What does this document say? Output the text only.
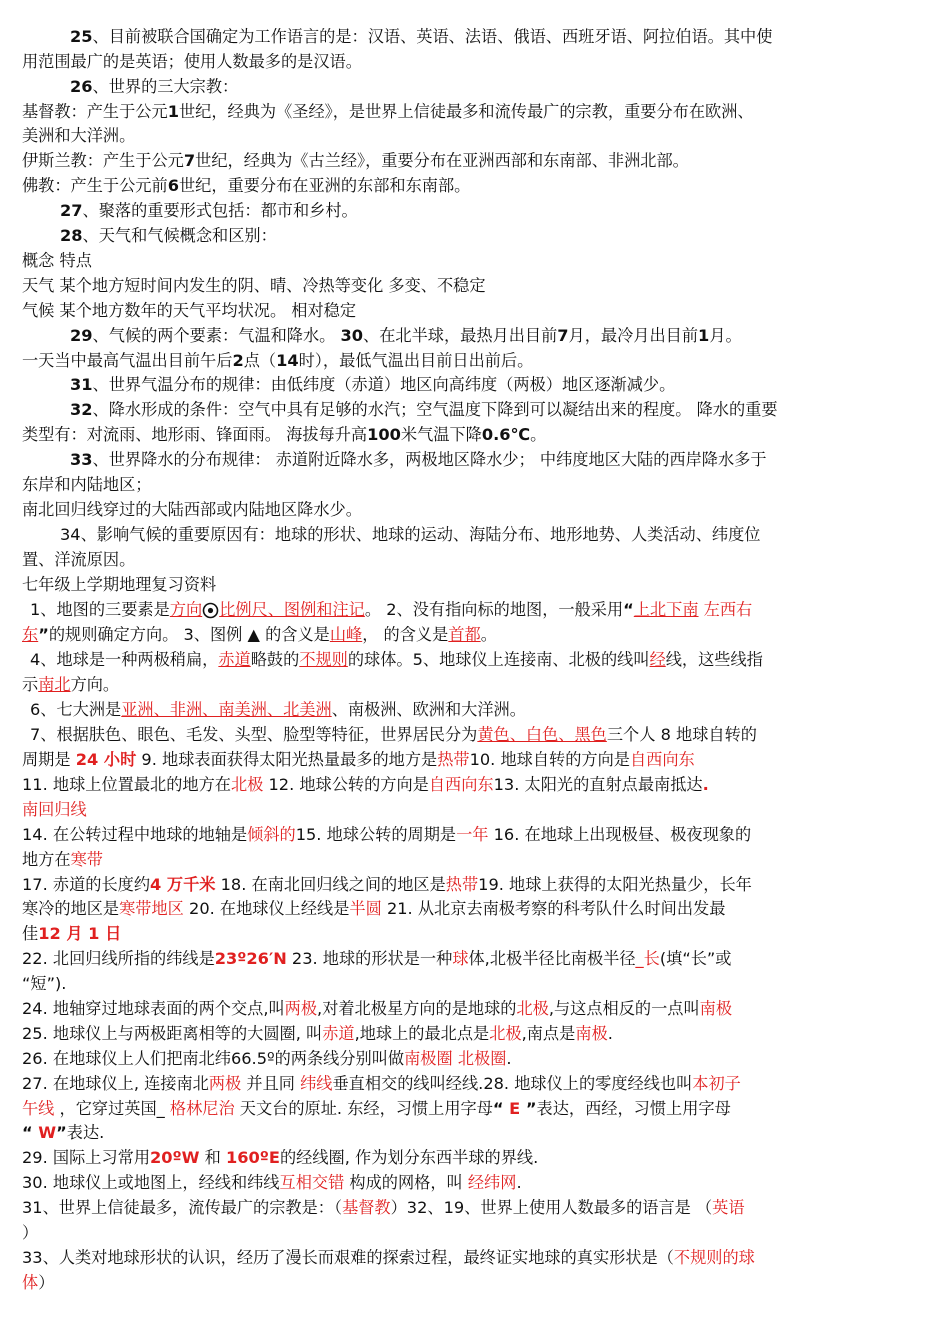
25、目前被联合国确定为工作语言的是：汉语、英语、法语、俄语、西班牙语、阿拉伯语。其中使
用范围最广的是英语；使用人数最多的是汉语。
26、世界的三大宗教：
基督教：产生于公元1世纪，经典为《圣经》，是世界上信徒最多和流传最广的宗教，重要分布在欧洲、
美洲和大洋洲。
伊斯兰教：产生于公元7世纪，经典为《古兰经》，重要分布在亚洲西部和东南部、非洲北部。
佛教：产生于公元前6世纪，重要分布在亚洲的东部和东南部。
27、聚落的重要形式包括：都市和乡村。
28、天气和气候概念和区别：
概念 特点
天气 某个地方短时间内发生的阴、晴、冷热等变化 多变、不稳定
气候 某个地方数年的天气平均状况。 相对稳定
29、气候的两个要素：气温和降水。 30、在北半球，最热月出目前7月，最冷月出目前1月。
一天当中最高气温出目前午后2点（14时），最低气温出目前日出前后。
31、世界气温分布的规律：由低纬度（赤道）地区向高纬度（两极）地区逐渐减少。
32、降水形成的条件：空气中具有足够的水汽；空气温度下降到可以凝结出来的程度。 降水的重要
类型有：对流雨、地形雨、锋面雨。 海拔每升高100米气温下降0.6℃。
33、世界降水的分布规律： 赤道附近降水多，两极地区降水少； 中纬度地区大陆的西岸降水多于
东岸和内陆地区；
南北回归线穿过的大陆西部或内陆地区降水少。
34、影响气候的重要原因有：地球的形状、地球的运动、海陆分布、地形地势、人类活动、纬度位
置、洋流原因。
七年级上学期地理复习资料
1、地图的三要素是方向 比例尺、图例和注记。 2、没有指向标的地图，一般采用“上北下南 左西右
东”的规则确定方向。 3、图例 ▲ 的含义是山峰， 的含义是首都。
4、地球是一种两极稍扁，赤道略鼓的不规则的球体。5、地球仪上连接南、北极的线叫经线，这些线指
示南北方向。
6、七大洲是亚洲、非洲、南美洲、北美洲、南极洲、欧洲和大洋洲。
7、根据肤色、眼色、毛发、头型、脸型等特征，世界居民分为黄色、白色、黑色三个人 8 地球自转的
周期是 24 小时 9. 地球表面获得太阳光热量最多的地方是热带10. 地球自转的方向是自西向东
11. 地球上位置最北的地方在北极 12. 地球公转的方向是自西向东13. 太阳光的直射点最南抵达.
南回归线
14. 在公转过程中地球的地轴是倾斜的15. 地球公转的周期是一年 16. 在地球上出现极昼、极夜现象的
地方在寒带
17. 赤道的长度约4 万千米 18. 在南北回归线之间的地区是热带19. 地球上获得的太阳光热量少，长年
寒冷的地区是寒带地区 20. 在地球仪上经线是半圆 21. 从北京去南极考察的科考队什么时间出发最
佳12 月 1 日
22. 北回归线所指的纬线是23º26′N 23. 地球的形状是一种球体,北极半径比南极半径_长(填“长”或
“短”).
24. 地轴穿过地球表面的两个交点,叫两极,对着北极星方向的是地球的北极,与这点相反的一点叫南极
25. 地球仪上与两极距离相等的大圆圈, 叫赤道,地球上的最北点是北极,南点是南极.
26. 在地球仪上人们把南北纬66.5º的两条线分别叫做南极圈 北极圈.
27. 在地球仪上, 连接南北两极 并且同 纬线垂直相交的线叫经线.28. 地球仪上的零度经线也叫本初子
午线 ，它穿过英国_ 格林尼治 天文台的原址. 东经，习惯上用字母“ E ”表达，西经，习惯上用字母
“ W”表达.
29. 国际上习常用20ºW 和 160ºE的经线圈, 作为划分东西半球的界线.
30. 地球仪上或地图上，经线和纬线互相交错 构成的网格，叫 经纬网.
31、世界上信徒最多，流传最广的宗教是：（基督教）32、19、世界上使用人数最多的语言是 （英语
）
33、人类对地球形状的认识，经历了漫长而艰难的探索过程，最终证实地球的真实形状是（不规则的球
体）
